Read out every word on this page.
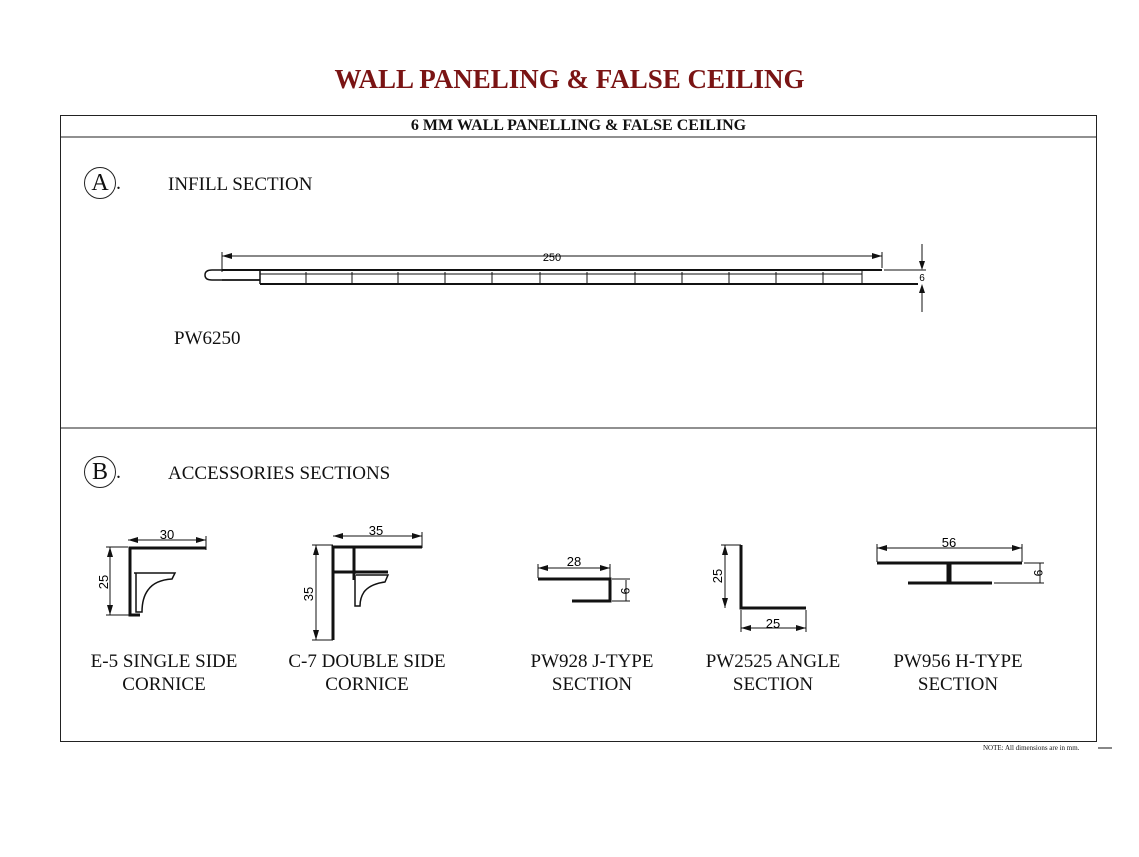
WALL PANELING & FALSE CEILING
6 MM WALL PANELLING & FALSE CEILING
250
6
30
25
35
35
28
9
25
25
56
9
A . INFILL SECTION
PW6250
B . ACCESSORIES SECTIONS
E-5 SINGLE SIDE
CORNICE
C-7 DOUBLE SIDE
CORNICE
PW928 J-TYPE
SECTION
PW2525 ANGLE
SECTION
PW956 H-TYPE
SECTION
NOTE: All dimensions are in mm.
